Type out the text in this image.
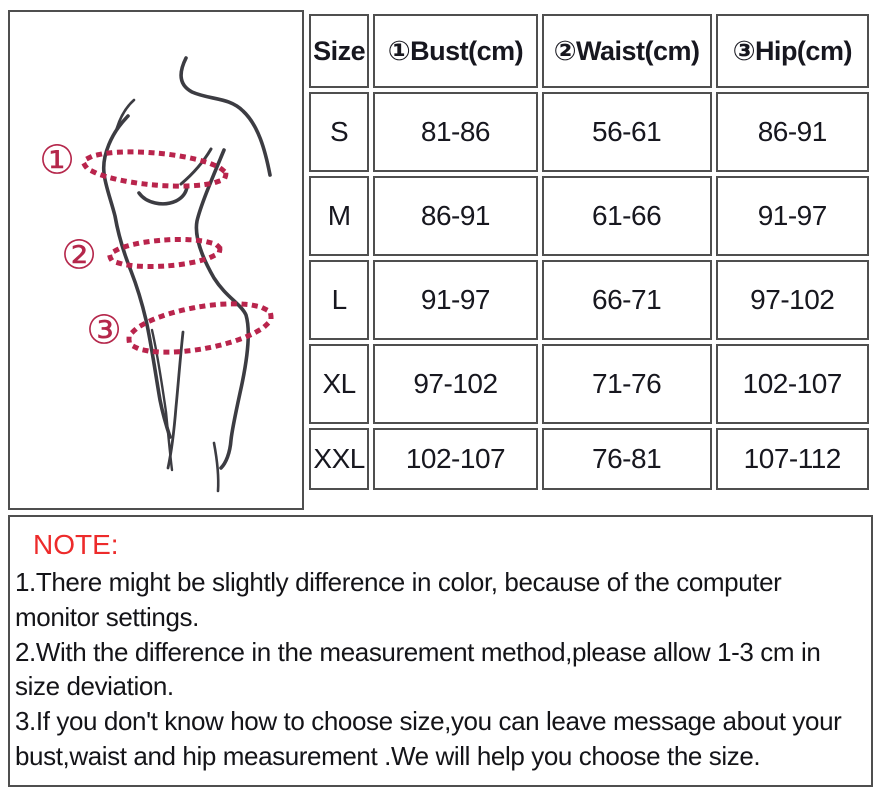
①
②
③
Size	①Bust(cm)	②Waist(cm)	③Hip(cm)
S	81-86	56-61	86-91
M	86-91	61-66	91-97
L	91-97	66-71	97-102
XL	97-102	71-76	102-107
XXL	102-107	76-81	107-112
NOTE:

1.There might be slightly difference in color, because of the computer monitor settings.

2.With the difference in the measurement method,please allow 1-3 cm in size deviation.

3.If you don't know how to choose size,you can leave message about your bust,waist and hip measurement .We will help you choose the size.
